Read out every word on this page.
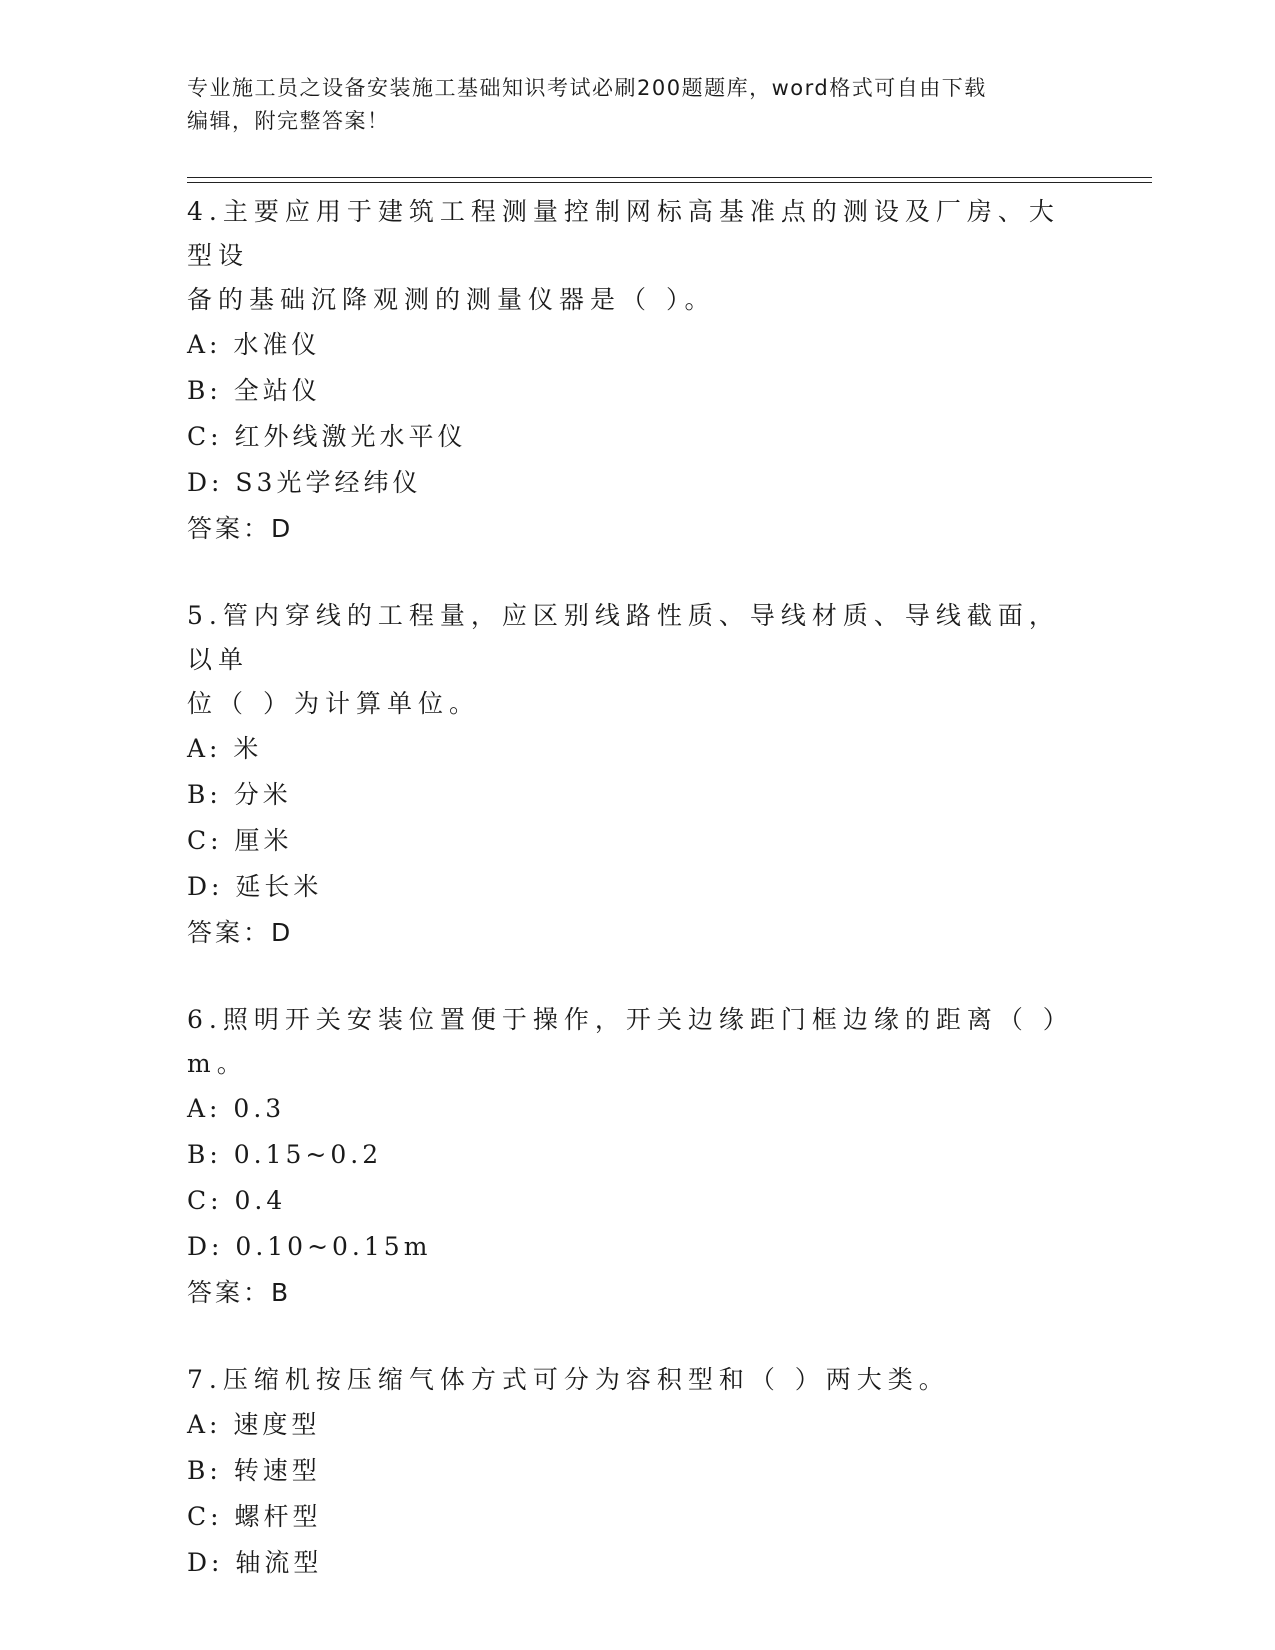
专业施工员之设备安装施工基础知识考试必刷200题题库，word格式可自由下载
编辑，附完整答案！
4.主要应用于建筑工程测量控制网标高基准点的测设及厂房、大型设
备的基础沉降观测的测量仪器是（ ）。
A: 水准仪
B: 全站仪
C: 红外线激光水平仪
D: S3光学经纬仪
答案：D
5.管内穿线的工程量，应区别线路性质、导线材质、导线截面，以单
位（ ）为计算单位。
A: 米
B: 分米
C: 厘米
D: 延长米
答案：D
6.照明开关安装位置便于操作，开关边缘距门框边缘的距离（ ）m。
A: 0.3
B: 0.15~0.2
C: 0.4
D: 0.10~0.15m
答案：B
7.压缩机按压缩气体方式可分为容积型和（ ）两大类。
A: 速度型
B: 转速型
C: 螺杆型
D: 轴流型
